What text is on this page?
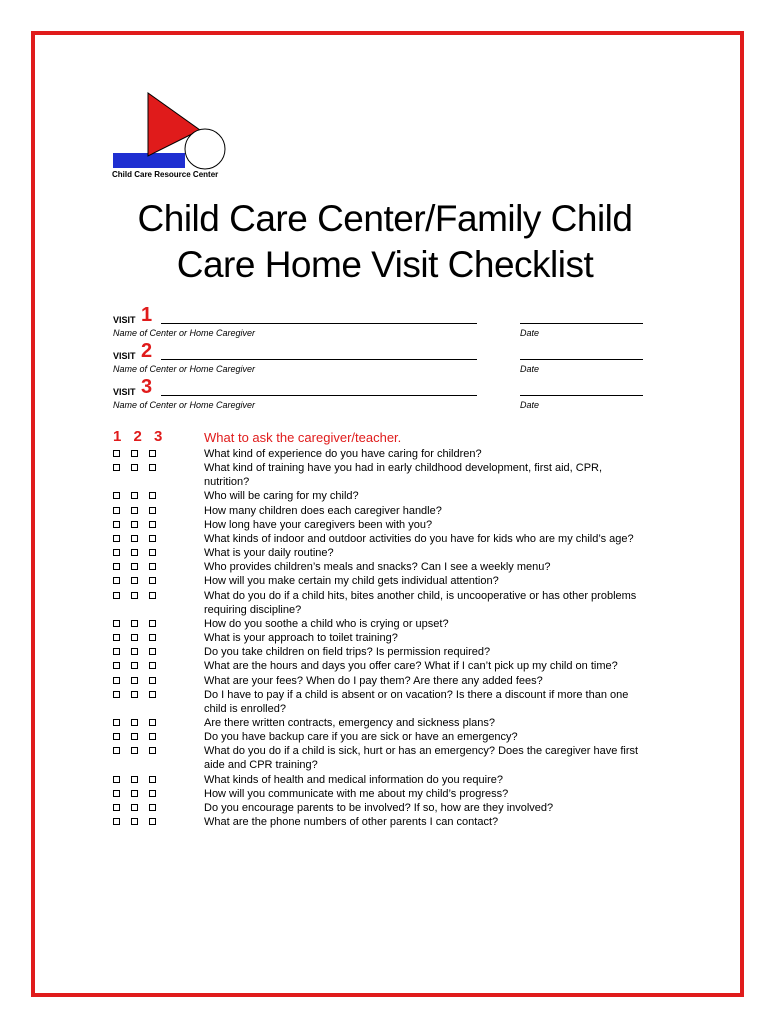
Child Care Resource Center
Child Care Center/Family Child
Care Home Visit Checklist
VISIT 1
Name of Center or Home Caregiver	Date
VISIT 2
Name of Center or Home Caregiver	Date
VISIT 3
Name of Center or Home Caregiver	Date
1 2 3	What to ask the caregiver/teacher.
What kind of experience do you have caring for children?
What kind of training have you had in early childhood development, first aid, CPR,
nutrition?
Who will be caring for my child?
How many children does each caregiver handle?
How long have your caregivers been with you?
What kinds of indoor and outdoor activities do you have for kids who are my child’s age?
What is your daily routine?
Who provides children’s meals and snacks? Can I see a weekly menu?
How will you make certain my child gets individual attention?
What do you do if a child hits, bites another child, is uncooperative or has other problems
requiring discipline?
How do you soothe a child who is crying or upset?
What is your approach to toilet training?
Do you take children on field trips? Is permission required?
What are the hours and days you offer care? What if I can’t pick up my child on time?
What are your fees? When do I pay them? Are there any added fees?
Do I have to pay if a child is absent or on vacation? Is there a discount if more than one
child is enrolled?
Are there written contracts, emergency and sickness plans?
Do you have backup care if you are sick or have an emergency?
What do you do if a child is sick, hurt or has an emergency? Does the caregiver have first
aide and CPR training?
What kinds of health and medical information do you require?
How will you communicate with me about my child’s progress?
Do you encourage parents to be involved? If so, how are they involved?
What are the phone numbers of other parents I can contact?
